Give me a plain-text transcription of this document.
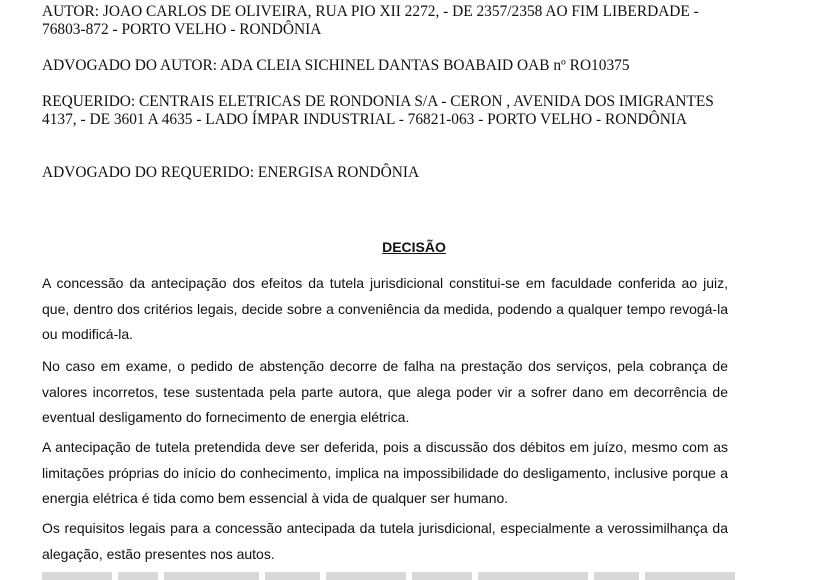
AUTOR: JOAO CARLOS DE OLIVEIRA, RUA PIO XII 2272, - DE 2357/2358 AO FIM LIBERDADE - 76803-872 - PORTO VELHO - RONDÔNIA

ADVOGADO DO AUTOR: ADA CLEIA SICHINEL DANTAS BOABAID OAB nº RO10375

REQUERIDO: CENTRAIS ELETRICAS DE RONDONIA S/A - CERON , AVENIDA DOS IMIGRANTES 4137, - DE 3601 A 4635 - LADO ÍMPAR INDUSTRIAL - 76821-063 - PORTO VELHO - RONDÔNIA

ADVOGADO DO REQUERIDO: ENERGISA RONDÔNIA

DECISÃO

A concessão da antecipação dos efeitos da tutela jurisdicional constitui-se em faculdade conferida ao juiz, que, dentro dos critérios legais, decide sobre a conveniência da medida, podendo a qualquer tempo revogá-la ou modificá-la.

No caso em exame, o pedido de abstenção decorre de falha na prestação dos serviços, pela cobrança de valores incorretos, tese sustentada pela parte autora, que alega poder vir a sofrer dano em decorrência de eventual desligamento do fornecimento de energia elétrica.

A antecipação de tutela pretendida deve ser deferida, pois a discussão dos débitos em juízo, mesmo com as limitações próprias do início do conhecimento, implica na impossibilidade do desligamento, inclusive porque a energia elétrica é tida como bem essencial à vida de qualquer ser humano.

Os requisitos legais para a concessão antecipada da tutela jurisdicional, especialmente a verossimilhança da alegação, estão presentes nos autos.
